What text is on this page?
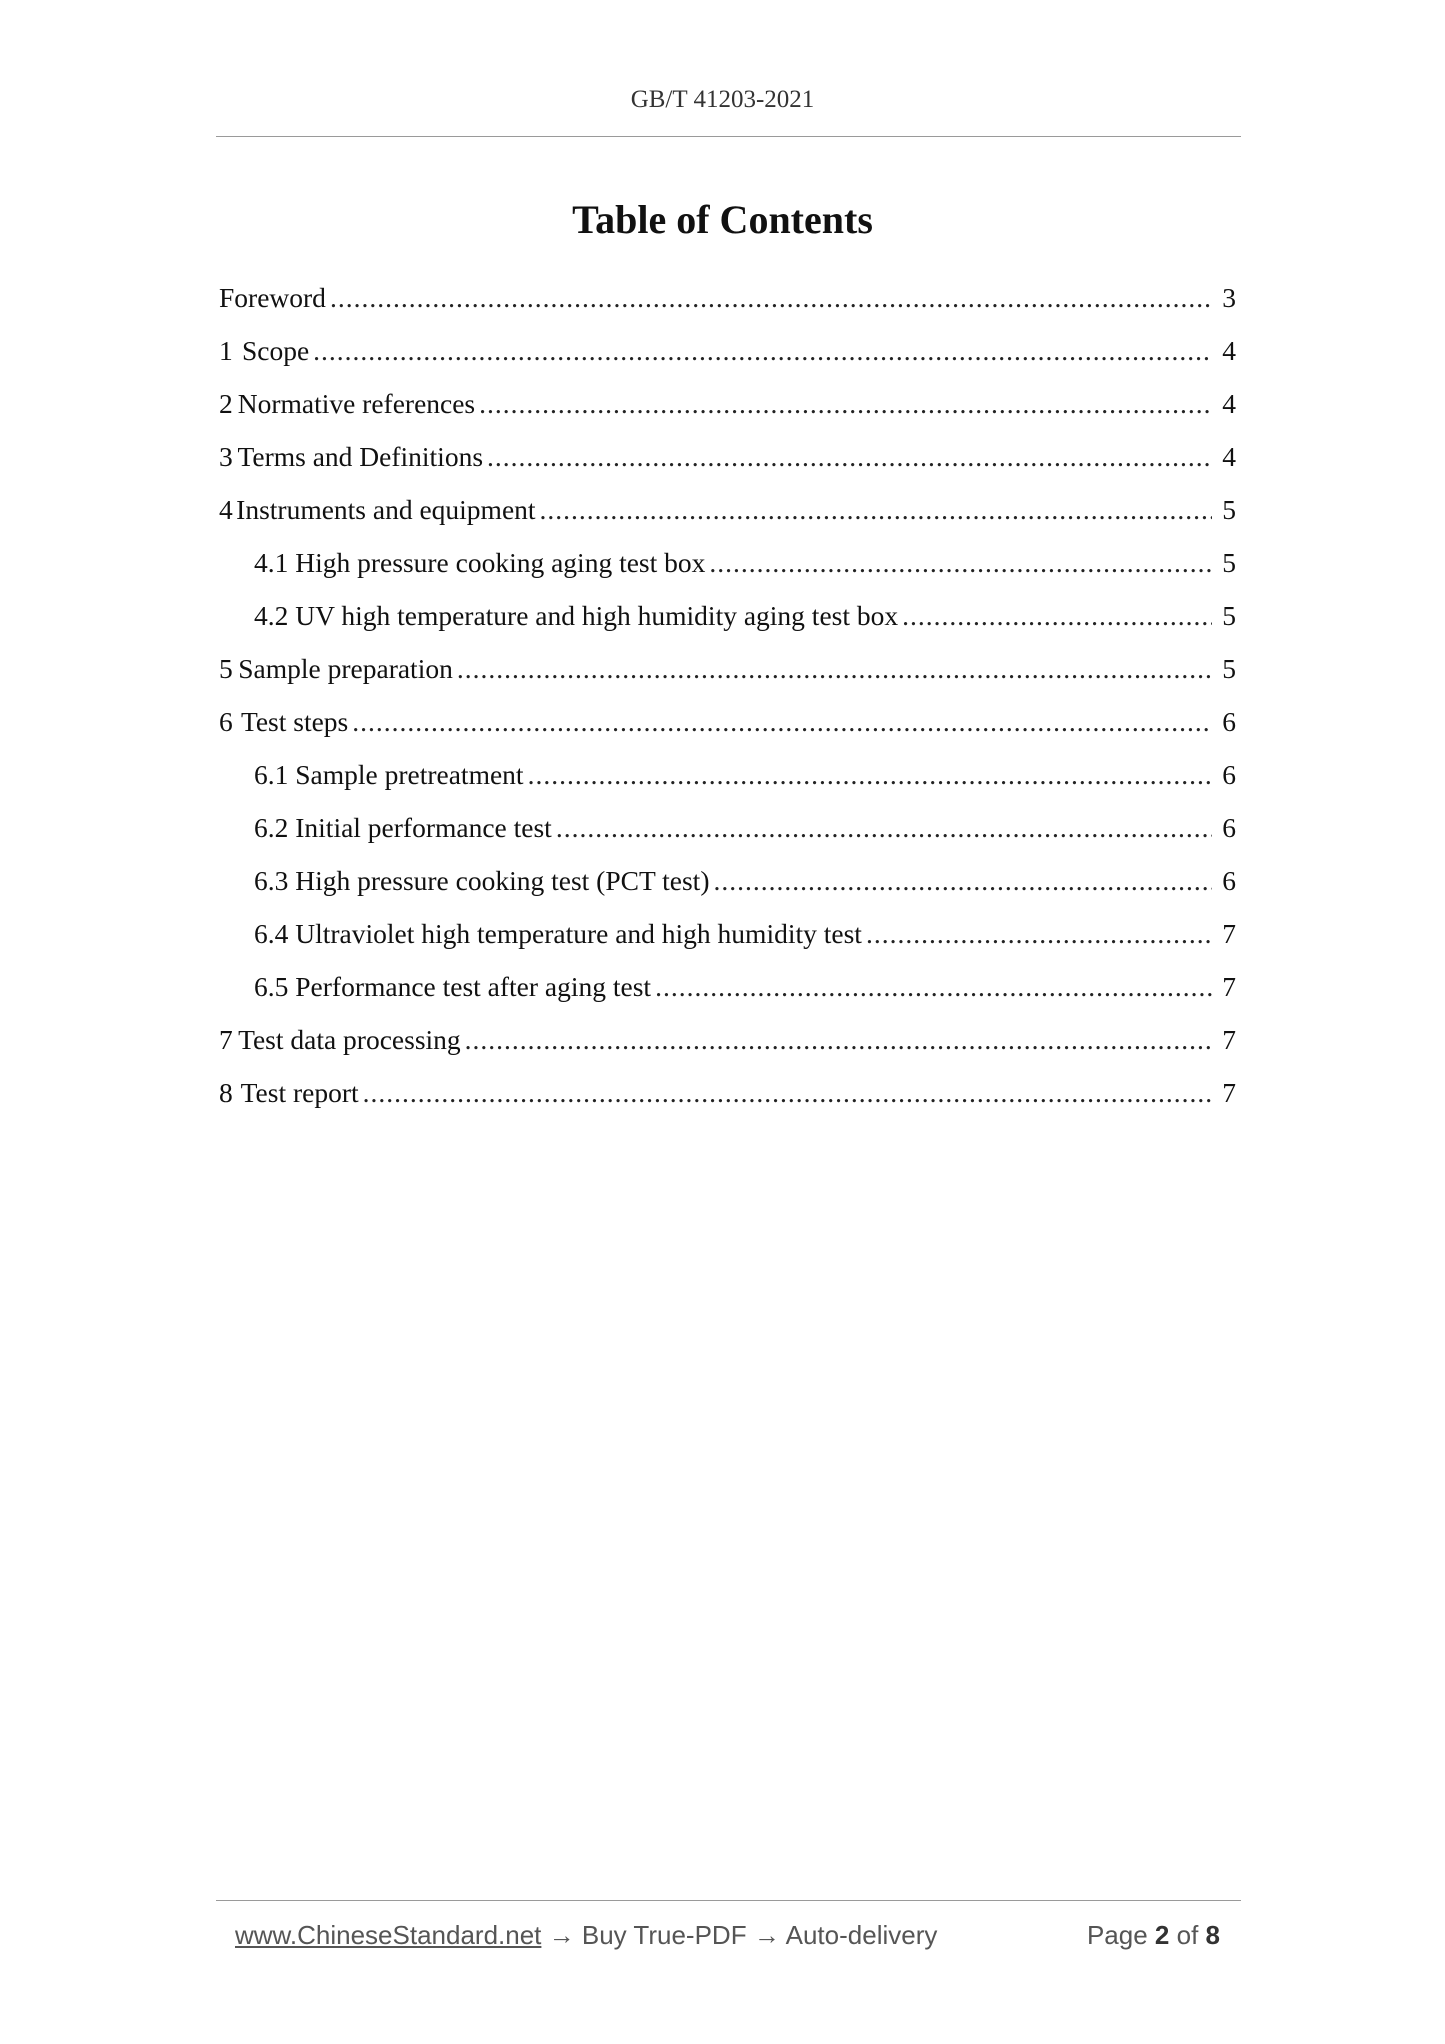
GB/T 41203-2021
Table of Contents
Foreword .....	3
1 Scope .....	4
2 Normative references .....	4
3 Terms and Definitions .....	4
4 Instruments and equipment .....	5
4.1 High pressure cooking aging test box .....	5
4.2 UV high temperature and high humidity aging test box .....	5
5 Sample preparation .....	5
6 Test steps .....	6
6.1 Sample pretreatment .....	6
6.2 Initial performance test .....	6
6.3 High pressure cooking test (PCT test) .....	6
6.4 Ultraviolet high temperature and high humidity test .....	7
6.5 Performance test after aging test .....	7
7 Test data processing .....	7
8 Test report .....	7
www.ChineseStandard.net → Buy True-PDF → Auto-delivery	Page 2 of 8
